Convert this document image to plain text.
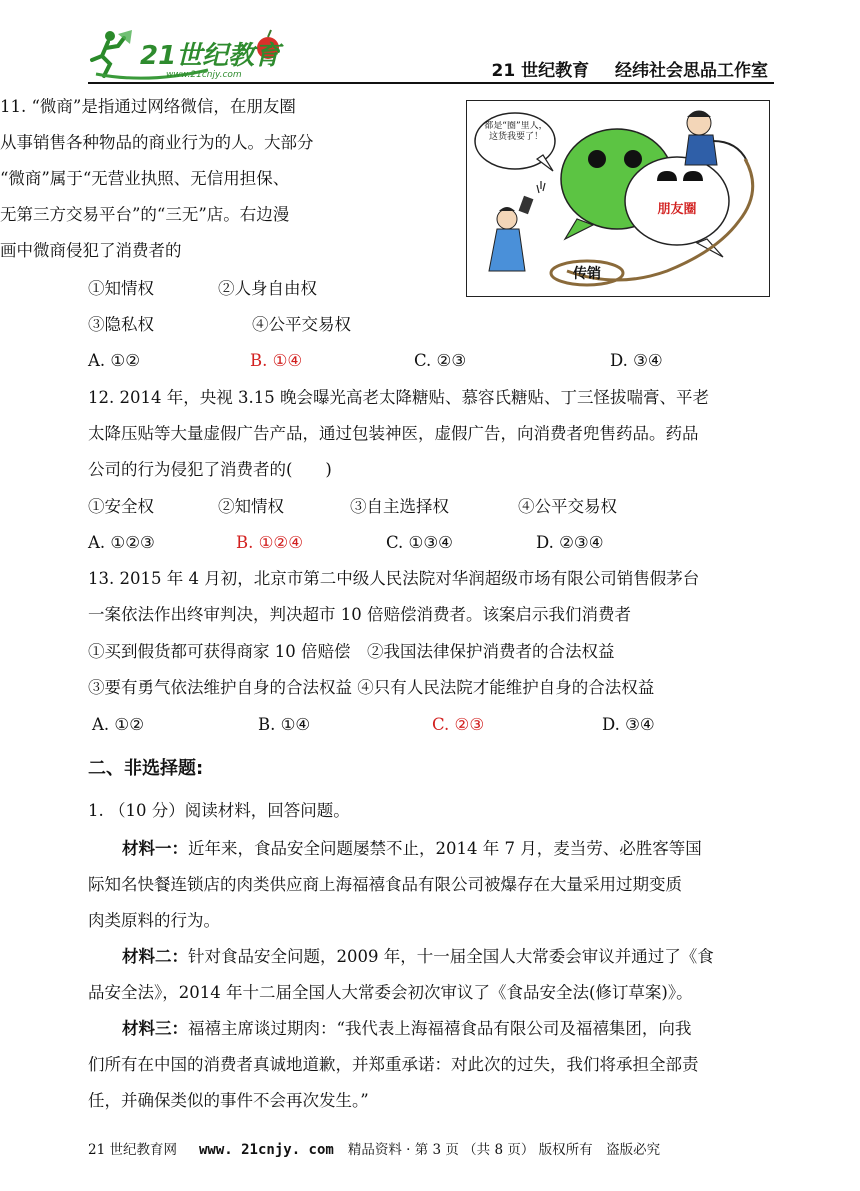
21世纪教育
www.21cnjy.com	21 世纪教育 经纬社会思品工作室
都是“圈”里人，这货我要了！
朋友圈
传销
11. “微商”是指通过网络微信，在朋友圈
从事销售各种物品的商业行为的人。大部分
“微商”属于“无营业执照、无信用担保、
无第三方交易平台”的“三无”店。右边漫
画中微商侵犯了消费者的
①知情权	②人身自由权
③隐私权	④公平交易权
A. ①②	B. ①④	C. ②③	D. ③④
12. 2014 年，央视 3.15 晚会曝光高老太降糖贴、慕容氏糖贴、丁三怪拔喘膏、平老
太降压贴等大量虚假广告产品，通过包装神医，虚假广告，向消费者兜售药品。药品
公司的行为侵犯了消费者的(　　)
①安全权	②知情权	③自主选择权	④公平交易权
A. ①②③	B. ①②④	C. ①③④	D. ②③④
13. 2015 年 4 月初，北京市第二中级人民法院对华润超级市场有限公司销售假茅台
一案依法作出终审判决，判决超市 10 倍赔偿消费者。该案启示我们消费者
①买到假货都可获得商家 10 倍赔偿　②我国法律保护消费者的合法权益
③要有勇气依法维护自身的合法权益 ④只有人民法院才能维护自身的合法权益
A. ①②	B. ①④	C. ②③	D. ③④
二、非选择题:
1. （10 分）阅读材料，回答问题。
材料一：近年来，食品安全问题屡禁不止，2014 年 7 月，麦当劳、必胜客等国
际知名快餐连锁店的肉类供应商上海福禧食品有限公司被爆存在大量采用过期变质
肉类原料的行为。
材料二：针对食品安全问题，2009 年，十一届全国人大常委会审议并通过了《食
品安全法》，2014 年十二届全国人大常委会初次审议了《食品安全法(修订草案)》。
材料三：福禧主席谈过期肉：“我代表上海福禧食品有限公司及福禧集团，向我
们所有在中国的消费者真诚地道歉，并郑重承诺：对此次的过失，我们将承担全部责
任，并确保类似的事件不会再次发生。”
21 世纪教育网 www. 21cnjy. com 精品资料 · 第 3 页 （共 8 页） 版权所有　盗版必究
